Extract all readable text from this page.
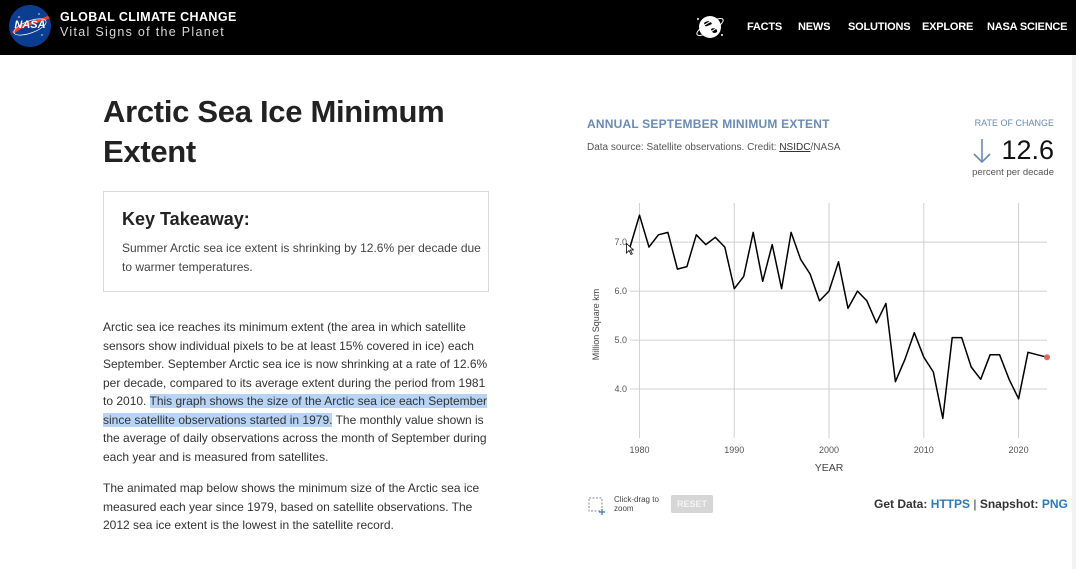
NASA
GLOBAL CLIMATE CHANGE
Vital Signs of the Planet	FACTS NEWS SOLUTIONS EXPLORE NASA SCIENCE
Arctic Sea Ice Minimum Extent
Key Takeaway:

Summer Arctic sea ice extent is shrinking by 12.6% per decade due to warmer temperatures.

Arctic sea ice reaches its minimum extent (the area in which satellite sensors show individual pixels to be at least 15% covered in ice) each September. September Arctic sea ice is now shrinking at a rate of 12.6% per decade, compared to its average extent during the period from 1981 to 2010. This graph shows the size of the Arctic sea ice each September since satellite observations started in 1979. The monthly value shown is the average of daily observations across the month of September during each year and is measured from satellites.

The animated map below shows the minimum size of the Arctic sea ice measured each year since 1979, based on satellite observations. The 2012 sea ice extent is the lowest in the satellite record.

ANNUAL SEPTEMBER MINIMUM EXTENT
Data source: Satellite observations. Credit: NSIDC/NASA
RATE OF CHANGE
12.6
percent per decade
4.0
5.0
6.0
7.0
1980	1990	2000	2010	2020
YEAR
Million Square km
Click-drag to zoom	RESET	Get Data: HTTPS | Snapshot: PNG
